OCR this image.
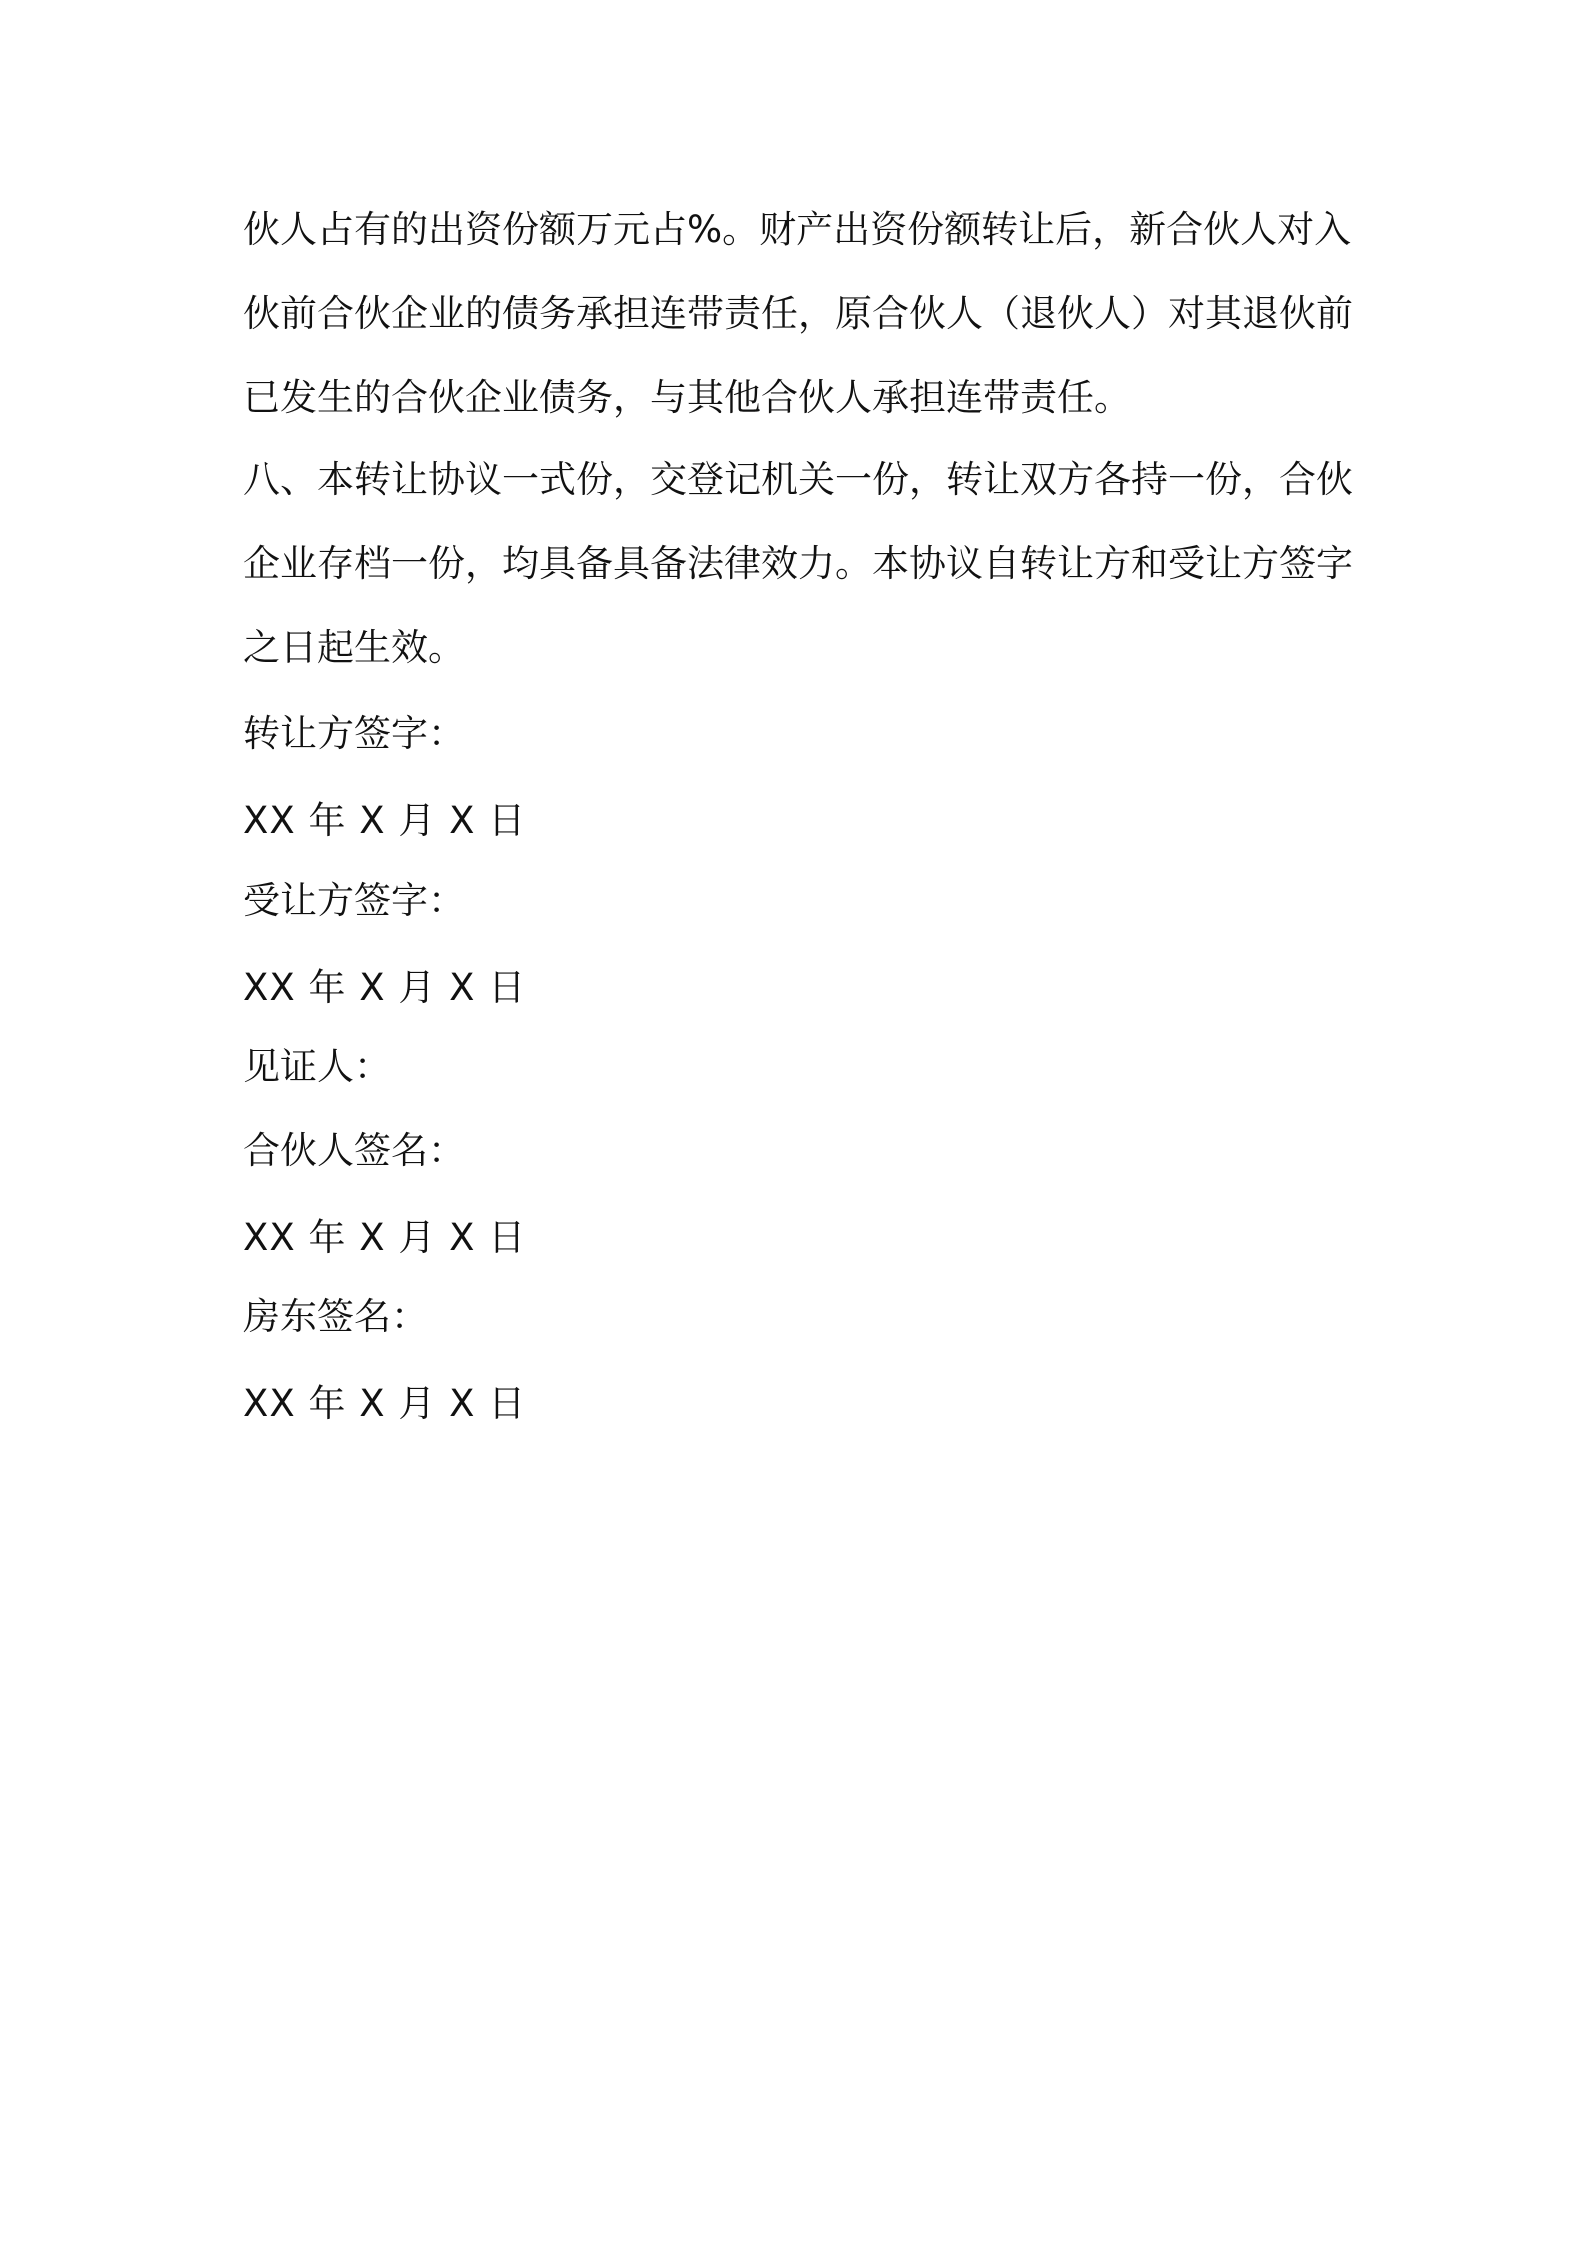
伙人占有的出资份额万元占%。财产出资份额转让后，新合伙人对入
伙前合伙企业的债务承担连带责任，原合伙人（退伙人）对其退伙前
已发生的合伙企业债务，与其他合伙人承担连带责任。
八、本转让协议一式份，交登记机关一份，转让双方各持一份，合伙
企业存档一份，均具备具备法律效力。本协议自转让方和受让方签字
之日起生效。
转让方签字：
XX 年 X 月 X 日
受让方签字：
XX 年 X 月 X 日
见证人：
合伙人签名：
XX 年 X 月 X 日
房东签名：
XX 年 X 月 X 日
